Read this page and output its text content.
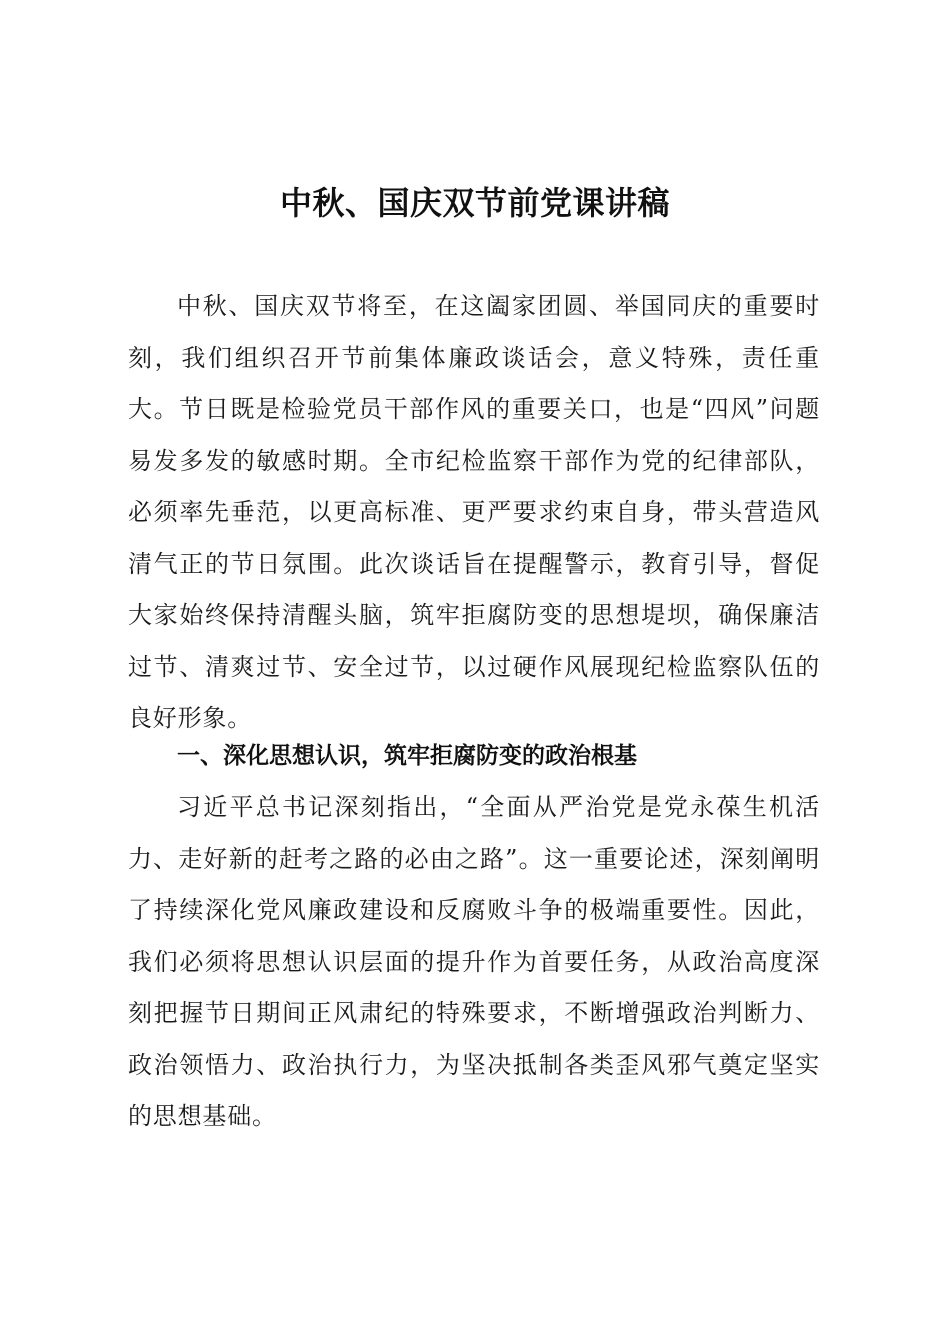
中秋、国庆双节前党课讲稿

中秋、国庆双节将至，在这阖家团圆、举国同庆的重要时刻，我们组织召开节前集体廉政谈话会，意义特殊，责任重大。节日既是检验党员干部作风的重要关口，也是“四风”问题易发多发的敏感时期。全市纪检监察干部作为党的纪律部队，必须率先垂范，以更高标准、更严要求约束自身，带头营造风清气正的节日氛围。此次谈话旨在提醒警示，教育引导，督促大家始终保持清醒头脑，筑牢拒腐防变的思想堤坝，确保廉洁过节、清爽过节、安全过节，以过硬作风展现纪检监察队伍的良好形象。

一、深化思想认识，筑牢拒腐防变的政治根基

习近平总书记深刻指出，“全面从严治党是党永葆生机活力、走好新的赶考之路的必由之路”。这一重要论述，深刻阐明了持续深化党风廉政建设和反腐败斗争的极端重要性。因此，我们必须将思想认识层面的提升作为首要任务，从政治高度深刻把握节日期间正风肃纪的特殊要求，不断增强政治判断力、政治领悟力、政治执行力，为坚决抵制各类歪风邪气奠定坚实的思想基础。
